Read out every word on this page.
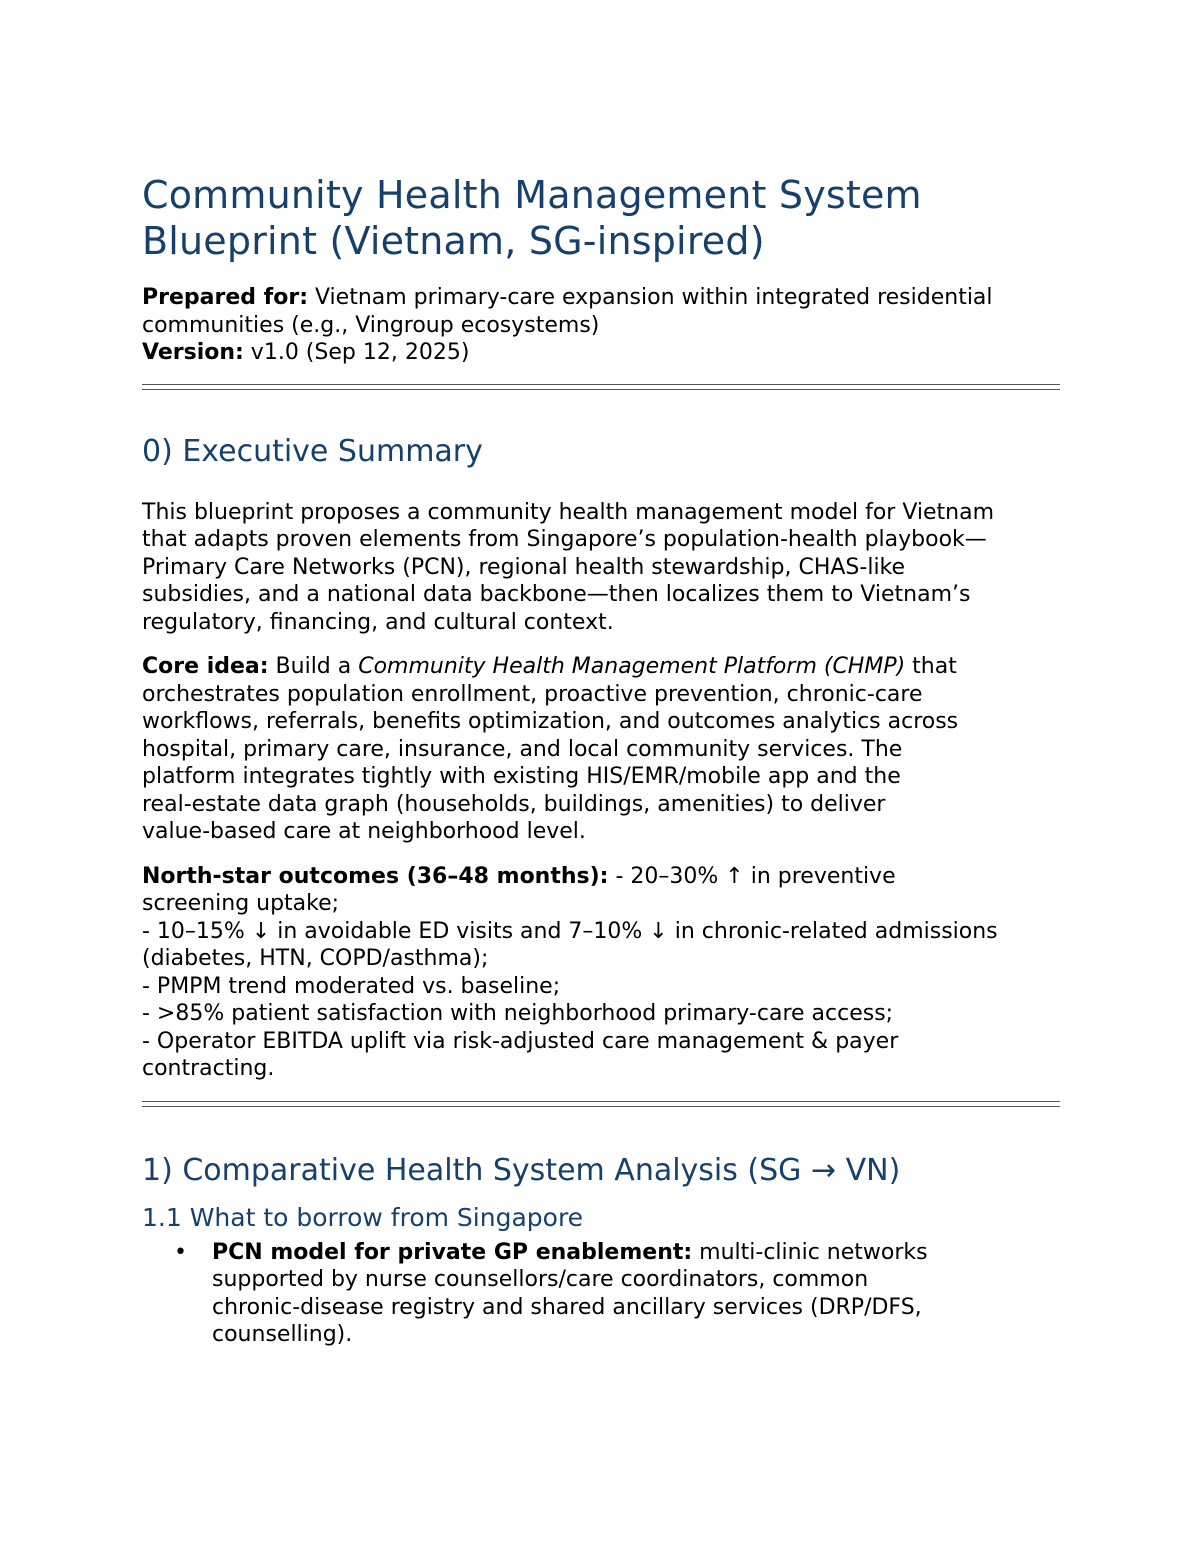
Community Health Management System
Blueprint (Vietnam, SG-inspired)

Prepared for: Vietnam primary-care expansion within integrated residential
communities (e.g., Vingroup ecosystems)

Version: v1.0 (Sep 12, 2025)

0) Executive Summary

This blueprint proposes a community health management model for Vietnam
that adapts proven elements from Singapore’s population-health playbook—
Primary Care Networks (PCN), regional health stewardship, CHAS-like
subsidies, and a national data backbone—then localizes them to Vietnam’s
regulatory, financing, and cultural context.

Core idea: Build a Community Health Management Platform (CHMP) that
orchestrates population enrollment, proactive prevention, chronic-care
workflows, referrals, benefits optimization, and outcomes analytics across
hospital, primary care, insurance, and local community services. The
platform integrates tightly with existing HIS/EMR/mobile app and the
real-estate data graph (households, buildings, amenities) to deliver
value-based care at neighborhood level.

North-star outcomes (36–48 months): - 20–30% ↑ in preventive
screening uptake;
- 10–15% ↓ in avoidable ED visits and 7–10% ↓ in chronic-related admissions
(diabetes, HTN, COPD/asthma);
- PMPM trend moderated vs. baseline;
- >85% patient satisfaction with neighborhood primary-care access;
- Operator EBITDA uplift via risk-adjusted care management & payer
contracting.

1) Comparative Health System Analysis (SG → VN)
1.1 What to borrow from Singapore
• PCN model for private GP enablement: multi-clinic networks
supported by nurse counsellors/care coordinators, common
chronic-disease registry and shared ancillary services (DRP/DFS,
counselling).
